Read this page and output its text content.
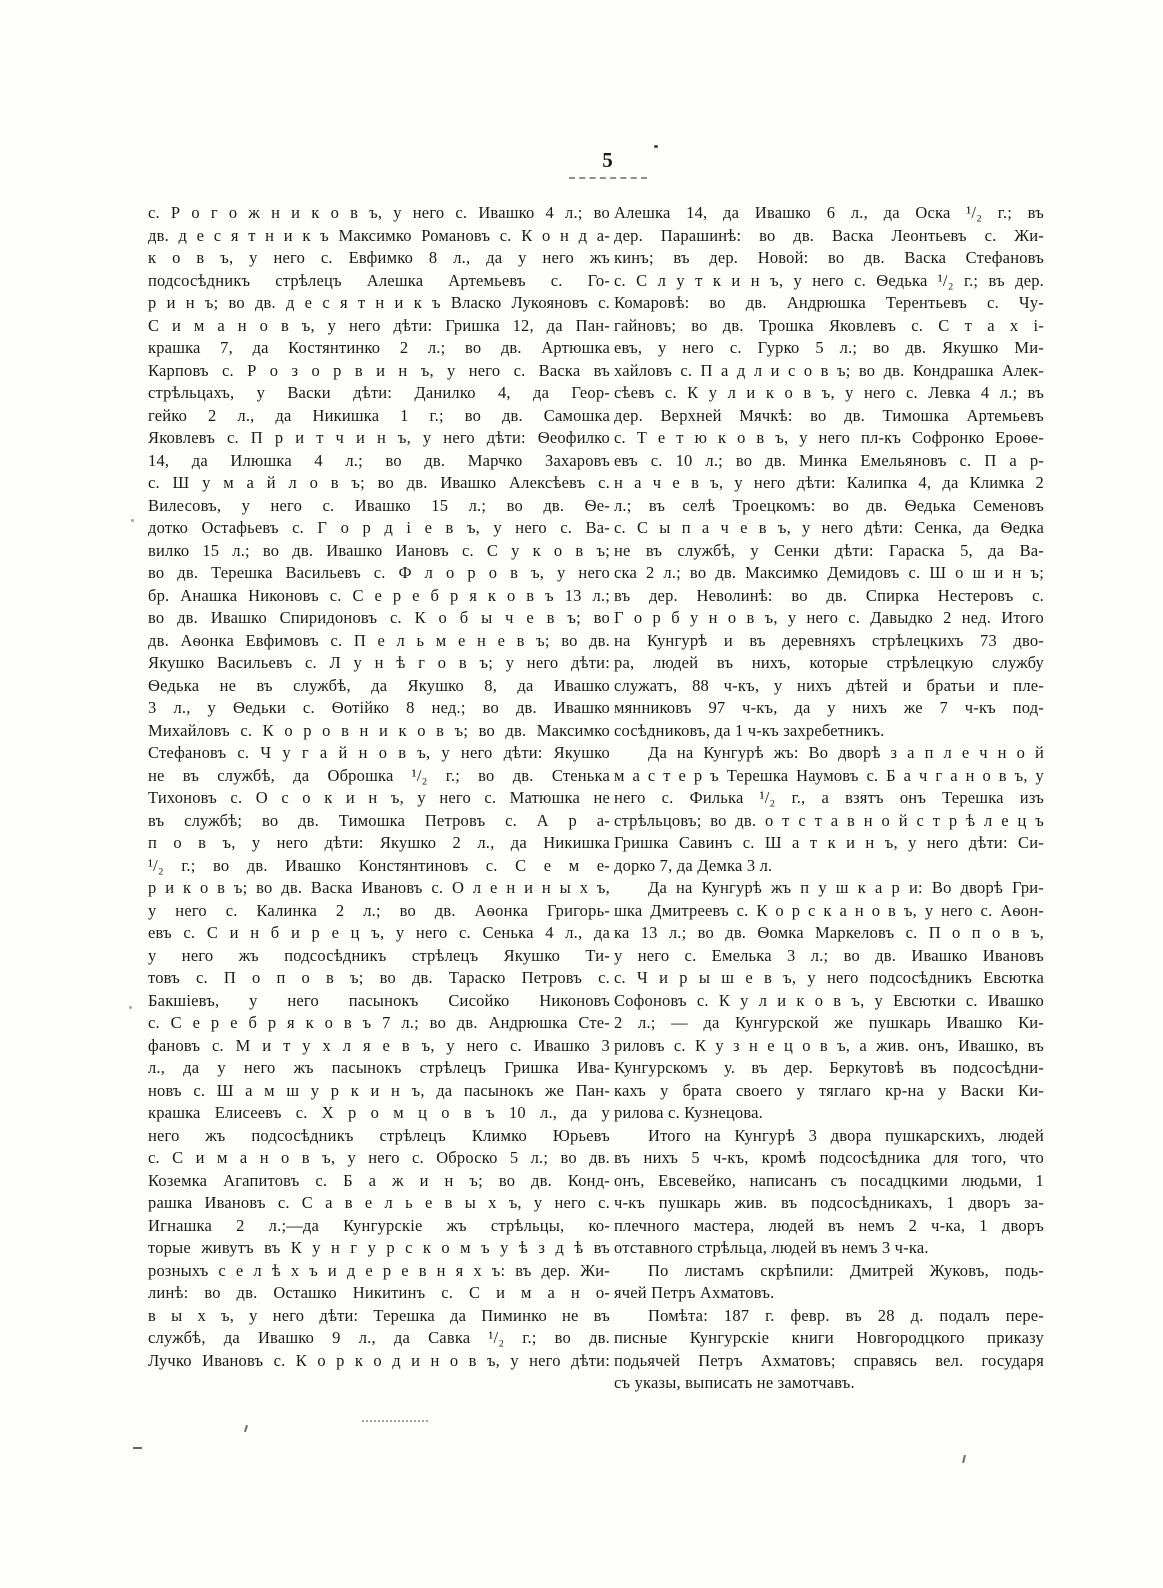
5
с. Р о г о ж н и к о в ъ, у него с. Ивашко 4 л.; во
дв. д е с я т н и к ъ Максимко Романовъ с. К о н д а-
к о в ъ, у него с. Евфимко 8 л., да у него жъ
подсосѣдникъ стрѣлецъ Алешка Артемьевъ с. Го-
р и н ъ; во дв. д е с я т н и к ъ Власко Лукояновъ с.
С и м а н о в ъ, у него дѣти: Гришка 12, да Пан-
крашка 7, да Костянтинко 2 л.; во дв. Артюшка
Карповъ с. Р о з о р в и н ъ, у него с. Васка въ
стрѣльцахъ, у Васки дѣти: Данилко 4, да Геор-
гейко 2 л., да Никишка 1 г.; во дв. Самошка
Яковлевъ с. П р и т ч и н ъ, у него дѣти: Ѳеофилко
14, да Илюшка 4 л.; во дв. Марчко Захаровъ
с. Ш у м а й л о в ъ; во дв. Ивашко Алексѣевъ с.
Вилесовъ, у него с. Ивашко 15 л.; во дв. Ѳе-
дотко Остафьевъ с. Г о р д і е в ъ, у него с. Ва-
вилко 15 л.; во дв. Ивашко Иановъ с. С у к о в ъ;
во дв. Терешка Васильевъ с. Ф л о р о в ъ, у него
бр. Анашка Никоновъ с. С е р е б р я к о в ъ 13 л.;
во дв. Ивашко Спиридоновъ с. К о б ы ч е в ъ; во
дв. Аѳонка Евфимовъ с. П е л ь м е н е в ъ; во дв.
Якушко Васильевъ с. Л у н ѣ г о в ъ; у него дѣти:
Ѳедька не въ службѣ, да Якушко 8, да Ивашко
3 л., у Ѳедьки с. Ѳотійко 8 нед.; во дв. Ивашко
Михайловъ с. К о р о в н и к о в ъ; во дв. Максимко
Стефановъ с. Ч у г а й н о в ъ, у него дѣти: Якушко
не въ службѣ, да Оброшка ¹/₂ г.; во дв. Стенька
Тихоновъ с. О с о к и н ъ, у него с. Матюшка не
въ службѣ; во дв. Тимошка Петровъ с. А р а-
п о в ъ, у него дѣти: Якушко 2 л., да Никишка
¹/₂ г.; во дв. Ивашко Констянтиновъ с. С е м е-
р и к о в ъ; во дв. Васка Ивановъ с. О л е н и н ы х ъ,
у него с. Калинка 2 л.; во дв. Аѳонка Григорь-
евъ с. С и н б и р е ц ъ, у него с. Сенька 4 л., да
у него жъ подсосѣдникъ стрѣлецъ Якушко Ти-
товъ с. П о п о в ъ; во дв. Тараско Петровъ с.
Бакшіевъ, у него пасынокъ Сисойко Никоновъ
с. С е р е б р я к о в ъ 7 л.; во дв. Андрюшка Сте-
фановъ с. М и т у х л я е в ъ, у него с. Ивашко 3
л., да у него жъ пасынокъ стрѣлецъ Гришка Ива-
новъ с. Ш а м ш у р к и н ъ, да пасынокъ же Пан-
крашка Елисеевъ с. Х р о м ц о в ъ 10 л., да у
него жъ подсосѣдникъ стрѣлецъ Климко Юрьевъ
с. С и м а н о в ъ, у него с. Оброско 5 л.; во дв.
Коземка Агапитовъ с. Б а ж и н ъ; во дв. Конд-
рашка Ивановъ с. С а в е л ь е в ы х ъ, у него с.
Игнашка 2 л.;—да Кунгурскіе жъ стрѣльцы, ко-
торые живутъ въ К у н г у р с к о м ъ у ѣ з д ѣ въ
розныхъ с е л ѣ х ъ и д е р е в н я х ъ: въ дер. Жи-
линѣ: во дв. Осташко Никитинъ с. С и м а н о-
в ы х ъ, у него дѣти: Терешка да Пиминко не въ
службѣ, да Ивашко 9 л., да Савка ¹/₂ г.; во дв.
Лучко Ивановъ с. К о р к о д и н о в ъ, у него дѣти:
Алешка 14, да Ивашко 6 л., да Оска ¹/₂ г.; въ
дер. Парашинѣ: во дв. Васка Леонтьевъ с. Жи-
кинъ; въ дер. Новой: во дв. Васка Стефановъ
с. С л у т к и н ъ, у него с. Ѳедька ¹/₂ г.; въ дер.
Комаровѣ: во дв. Андрюшка Терентьевъ с. Чу-
гайновъ; во дв. Трошка Яковлевъ с. С т а х і-
евъ, у него с. Гурко 5 л.; во дв. Якушко Ми-
хайловъ с. П а д л и с о в ъ; во дв. Кондрашка Алек-
сѣевъ с. К у л и к о в ъ, у него с. Левка 4 л.; въ
дер. Верхней Мячкѣ: во дв. Тимошка Артемьевъ
с. Т е т ю к о в ъ, у него пл-къ Софронко Ероѳе-
евъ с. 10 л.; во дв. Минка Емельяновъ с. П а р-
н а ч е в ъ, у него дѣти: Калипка 4, да Климка 2
л.; въ селѣ Троецкомъ: во дв. Ѳедька Семеновъ
с. С ы п а ч е в ъ, у него дѣти: Сенка, да Ѳедка
не въ службѣ, у Сенки дѣти: Гараска 5, да Ва-
ска 2 л.; во дв. Максимко Демидовъ с. Ш о ш и н ъ;
въ дер. Неволинѣ: во дв. Спирка Нестеровъ с.
Г о р б у н о в ъ, у него с. Давыдко 2 нед. Итого
на Кунгурѣ и въ деревняхъ стрѣлецкихъ 73 дво-
ра, людей въ нихъ, которые стрѣлецкую службу
служатъ, 88 ч-къ, у нихъ дѣтей и братьи и пле-
мянниковъ 97 ч-къ, да у нихъ же 7 ч-къ под-
сосѣдниковъ, да 1 ч-къ захребетникъ.
Да на Кунгурѣ жъ: Во дворѣ з а п л е ч н о й
м а с т е р ъ Терешка Наумовъ с. Б а ч г а н о в ъ, у
него с. Филька ¹/₂ г., а взятъ онъ Терешка изъ
стрѣльцовъ; во дв. о т с т а в н о й с т р ѣ л е ц ъ
Гришка Савинъ с. Ш а т к и н ъ, у него дѣти: Си-
дорко 7, да Демка 3 л.
Да на Кунгурѣ жъ п у ш к а р и: Во дворѣ Гри-
шка Дмитреевъ с. К о р с к а н о в ъ, у него с. Аѳон-
ка 13 л.; во дв. Ѳомка Маркеловъ с. П о п о в ъ,
у него с. Емелька 3 л.; во дв. Ивашко Ивановъ
с. Ч и р ы ш е в ъ, у него подсосѣдникъ Евсютка
Софоновъ с. К у л и к о в ъ, у Евсютки с. Ивашко
2 л.; — да Кунгурской же пушкарь Ивашко Ки-
риловъ с. К у з н е ц о в ъ, а жив. онъ, Ивашко, въ
Кунгурскомъ у. въ дер. Беркутовѣ въ подсосѣдни-
кахъ у брата своего у тяглаго кр-на у Васки Ки-
рилова с. Кузнецова.
Итого на Кунгурѣ 3 двора пушкарскихъ, людей
въ нихъ 5 ч-къ, кромѣ подсосѣдника для того, что
онъ, Евсевейко, написанъ съ посадцкими людьми, 1
ч-къ пушкарь жив. въ подсосѣдникахъ, 1 дворъ за-
плечного мастера, людей въ немъ 2 ч-ка, 1 дворъ
отставного стрѣльца, людей въ немъ 3 ч-ка.
По листамъ скрѣпили: Дмитрей Жуковъ, подь-
ячей Петръ Ахматовъ.
Помѣта: 187 г. февр. въ 28 д. подалъ пере-
писные Кунгурскіе книги Новгородцкого приказу
подьячей Петръ Ахматовъ; справясь вел. государя
съ указы, выписать не замотчавъ.
